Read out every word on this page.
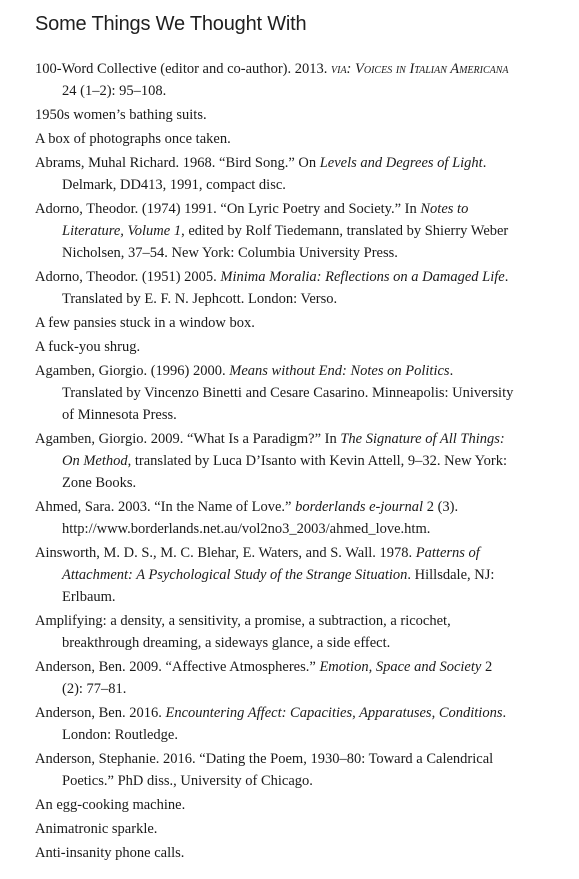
Some Things We Thought With

100-Word Collective (editor and co-author). 2013. via: Voices in Italian Americana 24 (1–2): 95–108.

1950s women’s bathing suits.

A box of photographs once taken.

Abrams, Muhal Richard. 1968. “Bird Song.” On Levels and Degrees of Light. Delmark, DD413, 1991, compact disc.

Adorno, Theodor. (1974) 1991. “On Lyric Poetry and Society.” In Notes to Literature, Volume 1, edited by Rolf Tiedemann, translated by Shierry Weber Nicholsen, 37–54. New York: Columbia University Press.

Adorno, Theodor. (1951) 2005. Minima Moralia: Reflections on a Damaged Life. Translated by E. F. N. Jephcott. London: Verso.

A few pansies stuck in a window box.

A fuck-you shrug.

Agamben, Giorgio. (1996) 2000. Means without End: Notes on Politics. Translated by Vincenzo Binetti and Cesare Casarino. Minneapolis: University of Minnesota Press.

Agamben, Giorgio. 2009. “What Is a Paradigm?” In The Signature of All Things: On Method, translated by Luca D’Isanto with Kevin Attell, 9–32. New York: Zone Books.

Ahmed, Sara. 2003. “In the Name of Love.” borderlands e-journal 2 (3). http://www.borderlands.net.au/vol2no3_2003/ahmed_love.htm.

Ainsworth, M. D. S., M. C. Blehar, E. Waters, and S. Wall. 1978. Patterns of Attachment: A Psychological Study of the Strange Situation. Hillsdale, NJ: Erlbaum.

Amplifying: a density, a sensitivity, a promise, a subtraction, a ricochet, breakthrough dreaming, a sideways glance, a side effect.

Anderson, Ben. 2009. “Affective Atmospheres.” Emotion, Space and Society 2 (2): 77–81.

Anderson, Ben. 2016. Encountering Affect: Capacities, Apparatuses, Conditions. London: Routledge.

Anderson, Stephanie. 2016. “Dating the Poem, 1930–80: Toward a Calendrical Poetics.” PhD diss., University of Chicago.

An egg-cooking machine.

Animatronic sparkle.

Anti-insanity phone calls.
